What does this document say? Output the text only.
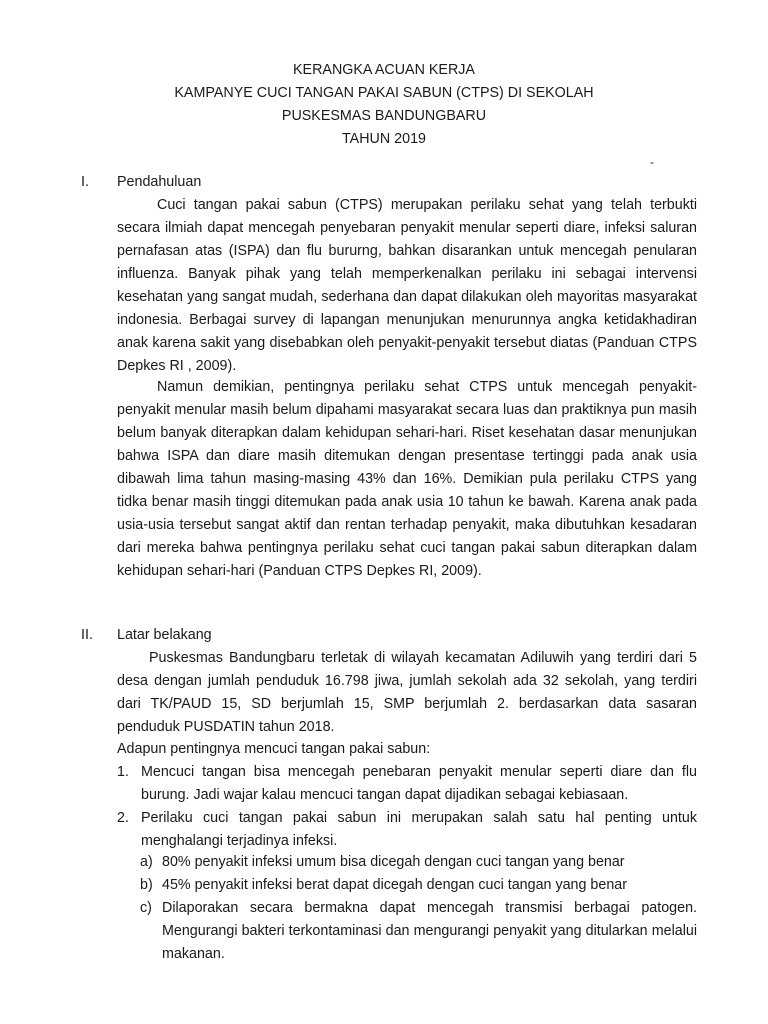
KERANGKA ACUAN KERJA
KAMPANYE CUCI TANGAN PAKAI SABUN (CTPS) DI SEKOLAH
PUSKESMAS BANDUNGBARU
TAHUN 2019
-
I. Pendahuluan
Cuci tangan pakai sabun (CTPS) merupakan perilaku sehat yang telah terbukti secara ilmiah dapat mencegah penyebaran penyakit menular seperti diare, infeksi saluran pernafasan atas (ISPA) dan flu bururng, bahkan disarankan untuk mencegah penularan influenza. Banyak pihak yang telah memperkenalkan perilaku ini sebagai intervensi kesehatan yang sangat mudah, sederhana dan dapat dilakukan oleh mayoritas masyarakat indonesia. Berbagai survey di lapangan menunjukan menurunnya angka ketidakhadiran anak karena sakit yang disebabkan oleh penyakit-penyakit tersebut diatas (Panduan CTPS Depkes RI , 2009).
Namun demikian, pentingnya perilaku sehat CTPS untuk mencegah penyakit-penyakit menular masih belum dipahami masyarakat secara luas dan praktiknya pun masih belum banyak diterapkan dalam kehidupan sehari-hari. Riset kesehatan dasar menunjukan bahwa ISPA dan diare masih ditemukan dengan presentase tertinggi pada anak usia dibawah lima tahun masing-masing 43% dan 16%. Demikian pula perilaku CTPS yang tidka benar masih tinggi ditemukan pada anak usia 10 tahun ke bawah. Karena anak pada usia-usia tersebut sangat aktif dan rentan terhadap penyakit, maka dibutuhkan kesadaran dari mereka bahwa pentingnya perilaku sehat cuci tangan pakai sabun diterapkan dalam kehidupan sehari-hari (Panduan CTPS Depkes RI, 2009).
II. Latar belakang
Puskesmas Bandungbaru terletak di wilayah kecamatan Adiluwih yang terdiri dari 5 desa dengan jumlah penduduk 16.798 jiwa, jumlah sekolah ada 32 sekolah, yang terdiri dari TK/PAUD 15, SD berjumlah 15, SMP berjumlah 2. berdasarkan data sasaran penduduk PUSDATIN tahun 2018.
Adapun pentingnya mencuci tangan pakai sabun:
1. Mencuci tangan bisa mencegah penebaran penyakit menular seperti diare dan flu burung. Jadi wajar kalau mencuci tangan dapat dijadikan sebagai kebiasaan.
2. Perilaku cuci tangan pakai sabun ini merupakan salah satu hal penting untuk menghalangi terjadinya infeksi.
a) 80% penyakit infeksi umum bisa dicegah dengan cuci tangan yang benar
b) 45% penyakit infeksi berat dapat dicegah dengan cuci tangan yang benar
c) Dilaporakan secara bermakna dapat mencegah transmisi berbagai patogen. Mengurangi bakteri terkontaminasi dan mengurangi penyakit yang ditularkan melalui makanan.
